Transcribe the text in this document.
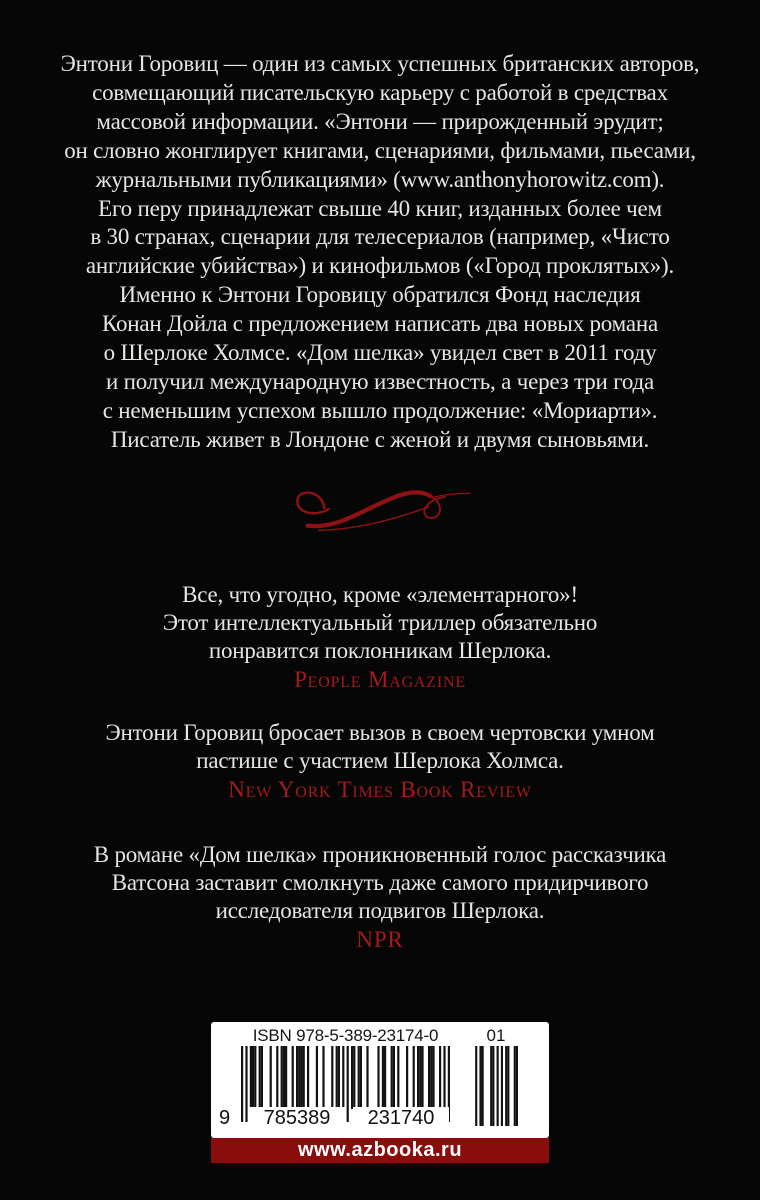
Энтони Горовиц — один из самых успешных британских авторов,
совмещающий писательскую карьеру с работой в средствах
массовой информации. «Энтони — прирожденный эрудит;
он словно жонглирует книгами, сценариями, фильмами, пьесами,
журнальными публикациями» (www.anthonyhorowitz.com).
Его перу принадлежат свыше 40 книг, изданных более чем
в 30 странах, сценарии для телесериалов (например, «Чисто
английские убийства») и кинофильмов («Город проклятых»).
Именно к Энтони Горовицу обратился Фонд наследия
Конан Дойла с предложением написать два новых романа
о Шерлоке Холмсе. «Дом шелка» увидел свет в 2011 году
и получил международную известность, а через три года
с неменьшим успехом вышло продолжение: «Мориарти».
Писатель живет в Лондоне с женой и двумя сыновьями.
Все, что угодно, кроме «элементарного»!
Этот интеллектуальный триллер обязательно
понравится поклонникам Шерлока.
People Magazine
Энтони Горовиц бросает вызов в своем чертовски умном
пастише с участием Шерлока Холмса.
New York Times Book Review
В романе «Дом шелка» проникновенный голос рассказчика
Ватсона заставит смолкнуть даже самого придирчивого
исследователя подвигов Шерлока.
NPR
ISBN 978-5-389-23174-0	01
9	785389	231740
www.azbooka.ru
